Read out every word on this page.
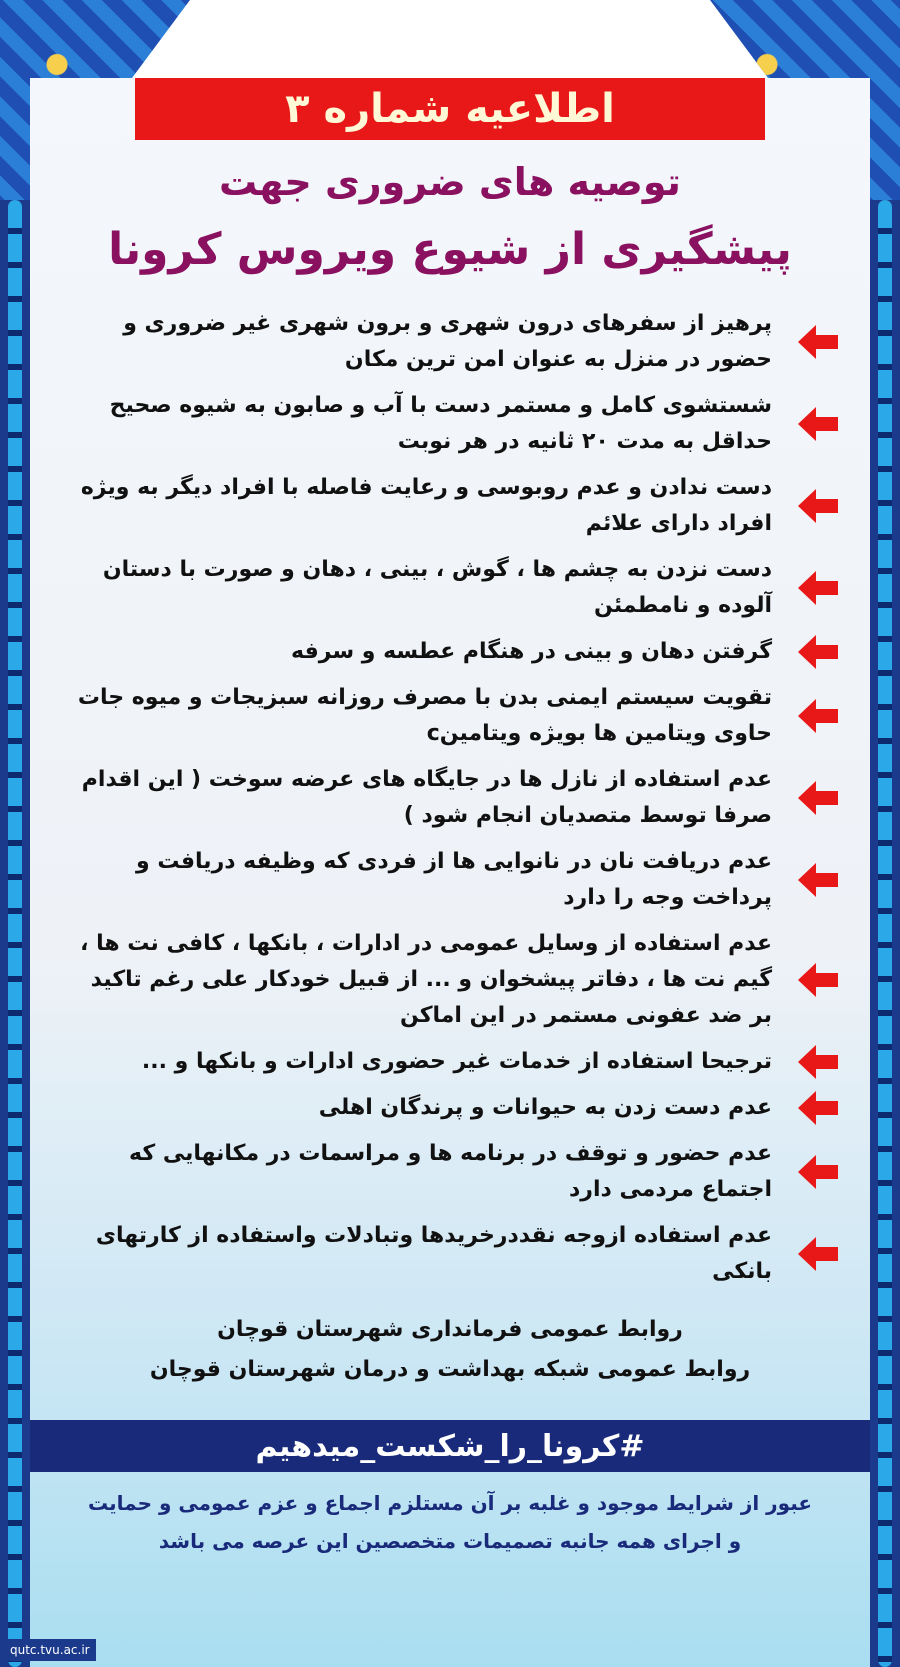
اطلاعیه شماره ۳
توصیه های ضروری جهت
پیشگیری از شیوع ویروس کرونا
پرهیز از سفرهای درون شهری و برون شهری غیر ضروری و حضور در منزل به عنوان امن ترین مکان
شستشوی کامل و مستمر دست با آب و صابون به شیوه صحیح حداقل به مدت ۲۰ ثانیه در هر نوبت
دست ندادن و عدم روبوسی و رعایت فاصله با افراد دیگر به ویژه افراد دارای علائم
دست نزدن به چشم ها ، گوش ، بینی ، دهان و صورت با دستان آلوده و نامطمئن
گرفتن دهان و بینی در هنگام عطسه و سرفه
تقویت سیستم ایمنی بدن با مصرف روزانه سبزیجات و میوه جات حاوی ویتامین ها بویژه ویتامینc
عدم استفاده از نازل ها در جایگاه های عرضه سوخت ( این اقدام صرفا توسط متصدیان انجام شود )
عدم دریافت نان در نانوایی ها از فردی که وظیفه دریافت و پرداخت وجه را دارد
عدم استفاده از وسایل عمومی در ادارات ، بانکها ، کافی نت ها ، گیم نت ها ، دفاتر پیشخوان و ... از قبیل خودکار علی رغم تاکید بر ضد عفونی مستمر در این اماکن
ترجیحا استفاده از خدمات غیر حضوری ادارات و بانکها و ...
عدم دست زدن به حیوانات و پرندگان اهلی
عدم حضور و توقف در برنامه ها و مراسمات در مکانهایی که اجتماع مردمی دارد
عدم استفاده ازوجه نقددرخریدها وتبادلات واستفاده از کارتهای بانکی
روابط عمومی فرمانداری شهرستان قوچان
روابط عمومی شبکه بهداشت و درمان شهرستان قوچان
#کرونا_را_شکست_میدهیم
عبور از شرایط موجود و غلبه بر آن مستلزم اجماع و عزم عمومی و حمایت
و اجرای همه جانبه تصمیمات متخصصین این عرصه می باشد
qutc.tvu.ac.ir
